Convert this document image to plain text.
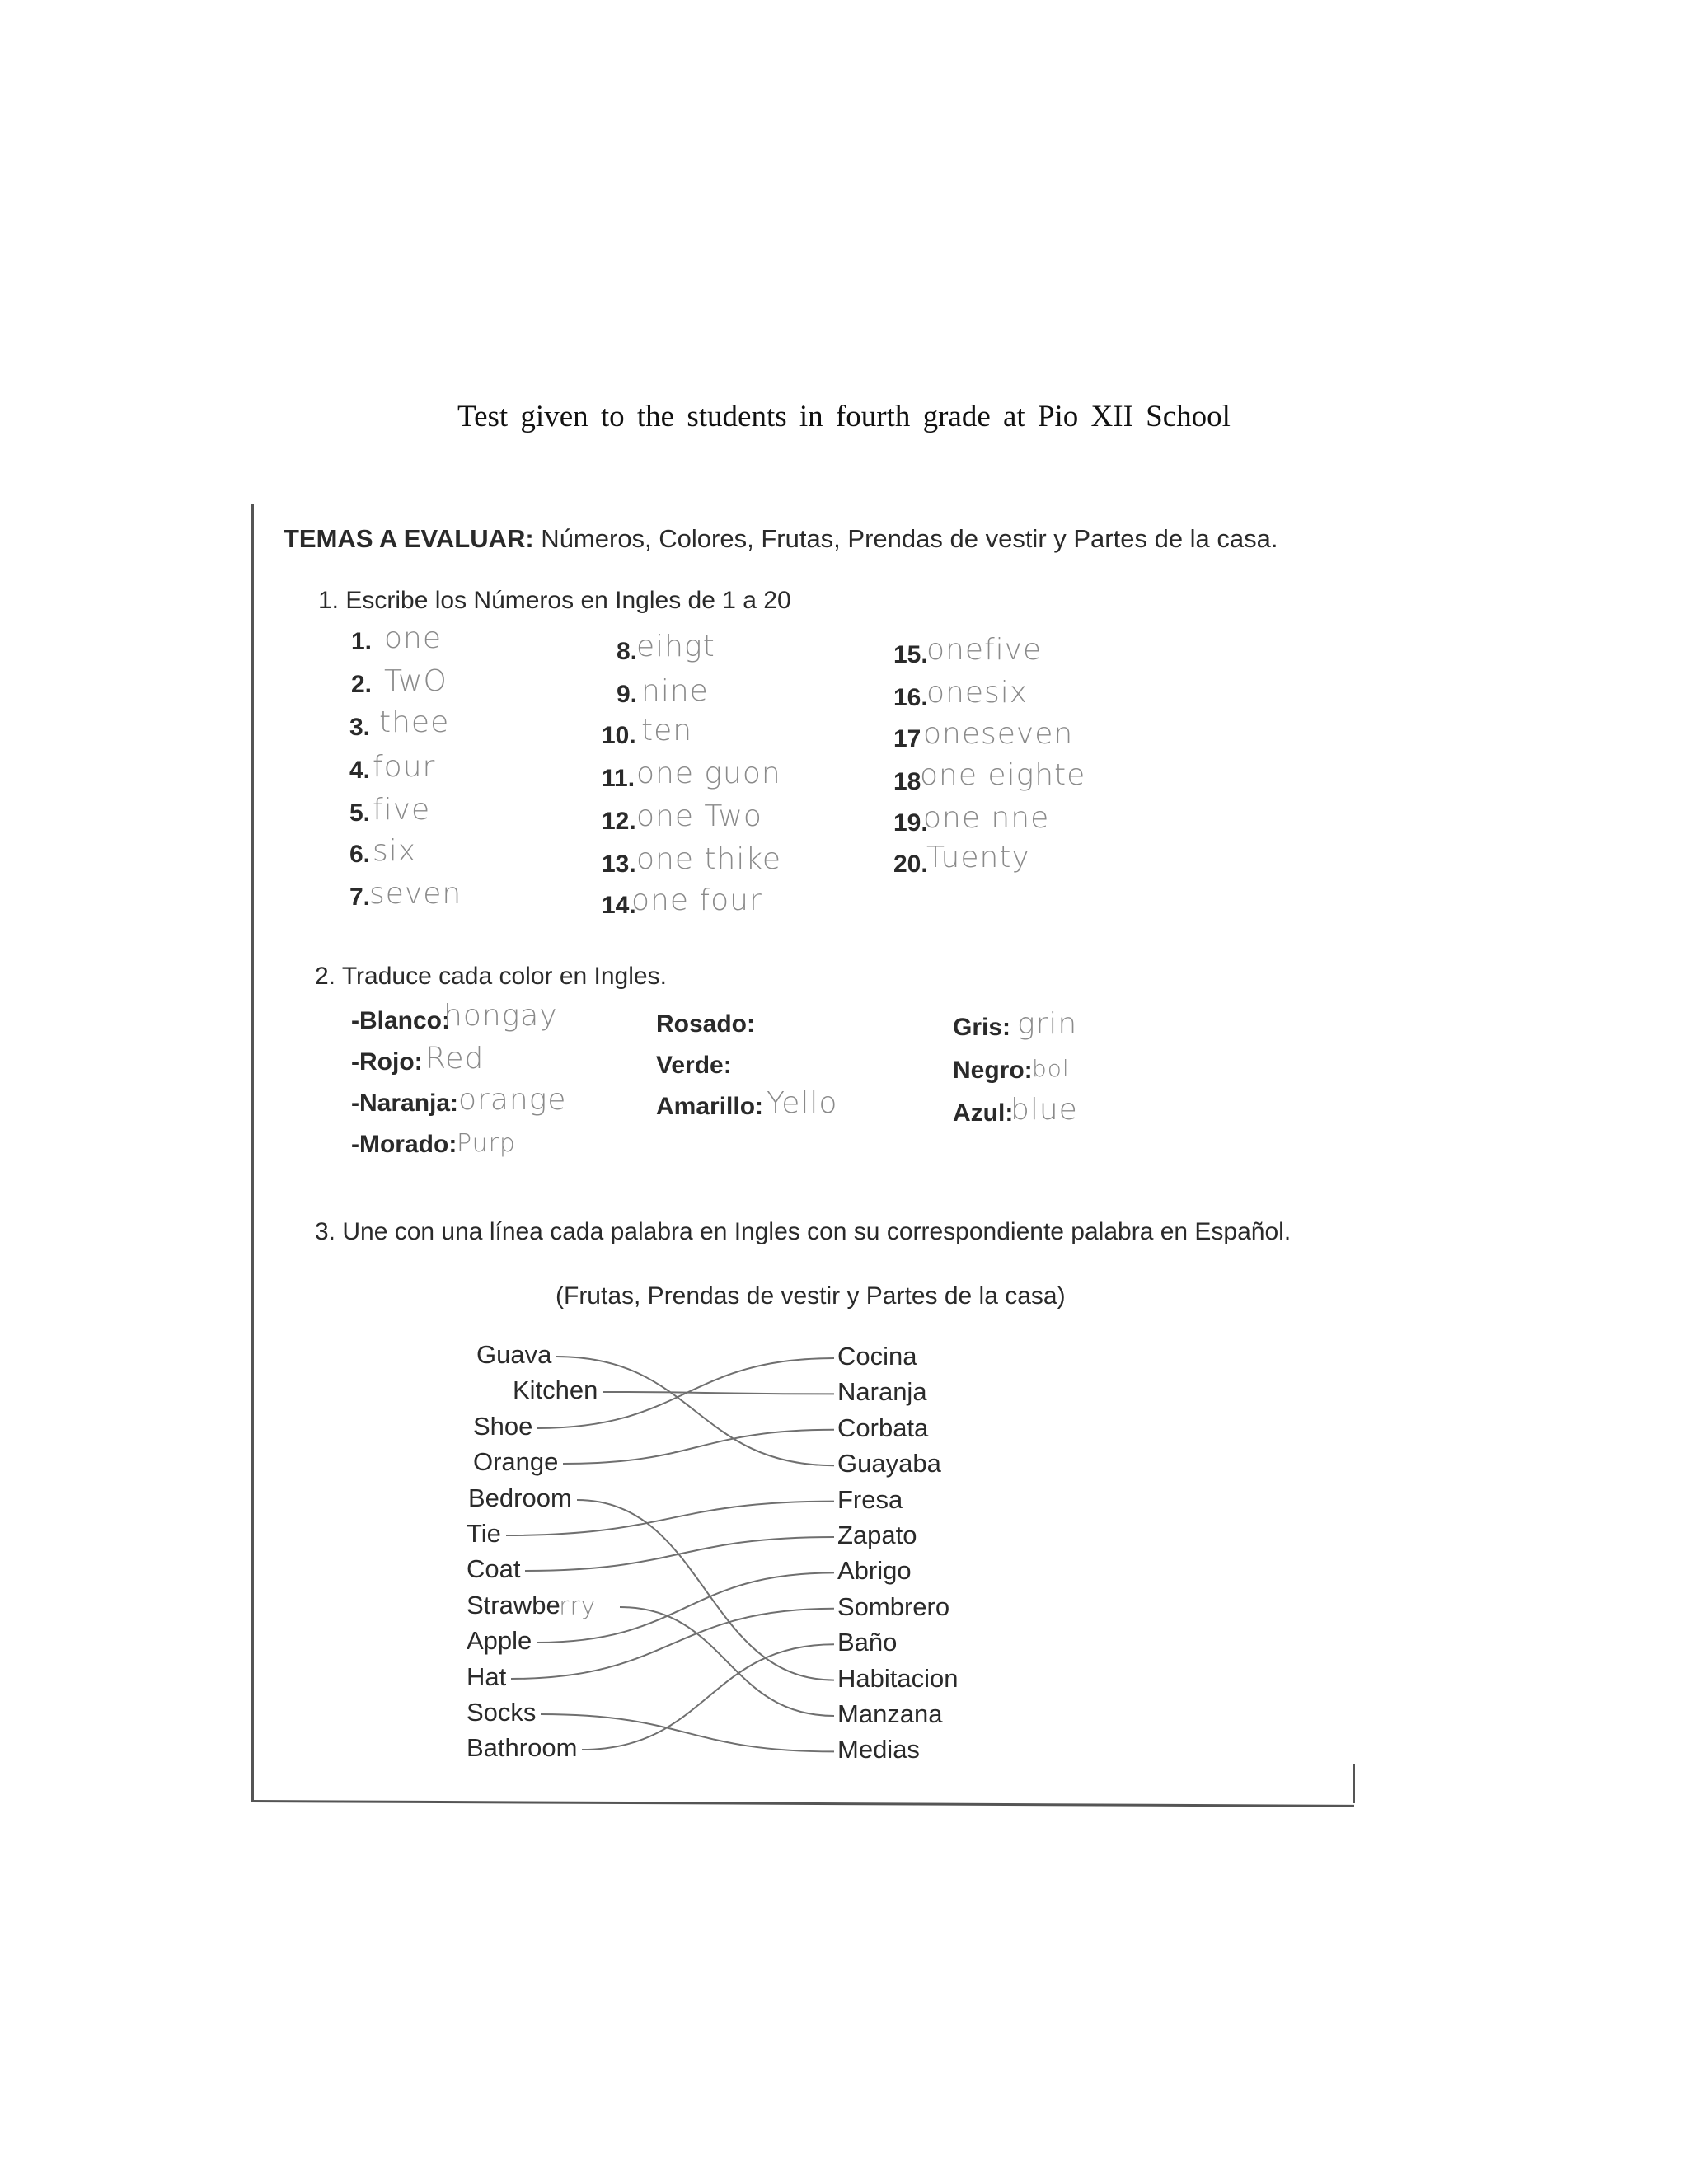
Test given to the students in fourth grade at Pio XII School
TEMAS A EVALUAR: Números, Colores, Frutas, Prendas de vestir y Partes de la casa.
1. Escribe los Números en Ingles de 1 a 20
1. one
2. TwO
3. thee
4. four
5. five
6. six
7.
seven
8.
eihgt
9. nine
10. ten
11. one guon
12. one Two
13. one thike
14.
one four
15.
onefive
16.
onesix
17 oneseven
18
one eighte
19.
one nne
20.
Tuenty
2. Traduce cada color en Ingles.
-Blanco:
hongay
-Rojo: Red
-Naranja: orange
-Morado: Purp
Rosado:
Verde:
Amarillo: Yello
Gris: grin
Negro: bol
Azul:
blue
3. Une con una línea cada palabra en Ingles con su correspondiente palabra en Español.
(Frutas, Prendas de vestir y Partes de la casa)
Guava
Kitchen
Shoe
Orange
Bedroom
Tie
Coat
Strawbe
Apple
Hat
Socks
Bathroom
Cocina
Naranja
Corbata
Guayaba
Fresa
Zapato
Abrigo
Sombrero
Baño
Habitacion
Manzana
Medias
rry
